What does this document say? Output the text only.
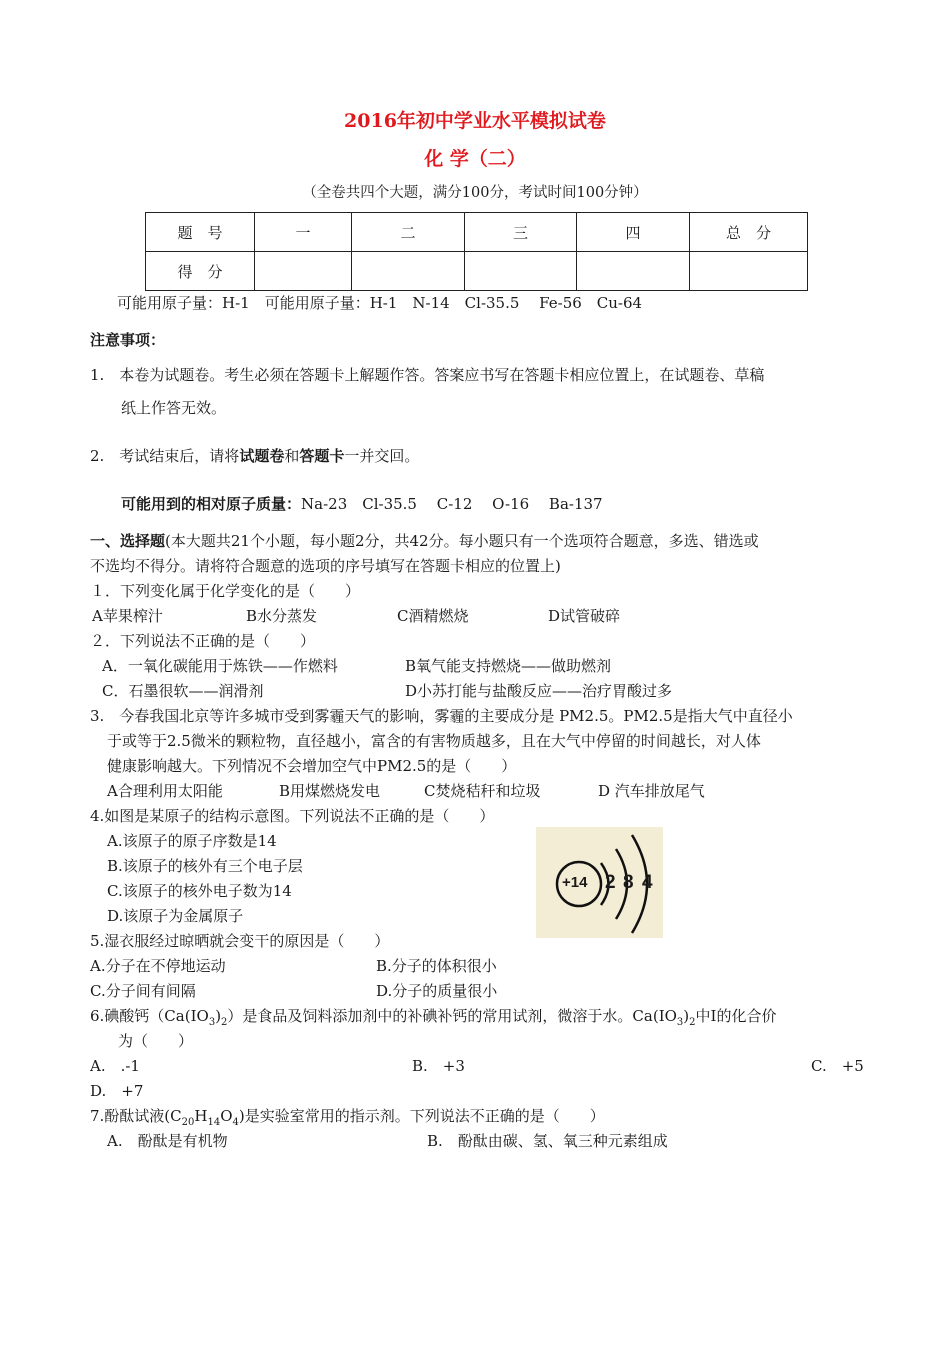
2016年初中学业水平模拟试卷
化 学（二）
（全卷共四个大题，满分100分，考试时间100分钟）
题　号	一	二	三	四	总　分
得　分					
可能用原子量：H-1　可能用原子量：H-1　N-14　Cl-35.5　 Fe-56　Cu-64
注意事项：
1.　本卷为试题卷。考生必须在答题卡上解题作答。答案应书写在答题卡相应位置上，在试题卷、草稿
纸上作答无效。
2.　考试结束后，请将试题卷和答题卡一并交回。
可能用到的相对原子质量：Na-23　Cl-35.5　 C-12　 O-16　 Ba-137
一、选择题(本大题共21个小题，每小题2分，共42分。每小题只有一个选项符合题意，多选、错选或
不选均不得分。请将符合题意的选项的序号填写在答题卡相应的位置上)
１．下列变化属于化学变化的是（　　）
A苹果榨汁	B水分蒸发	C酒精燃烧	D试管破碎
２．下列说法不正确的是（　　）
A．一氧化碳能用于炼铁——作燃料	B氧气能支持燃烧——做助燃剂
C．石墨很软——润滑剂	D小苏打能与盐酸反应——治疗胃酸过多
3.　今春我国北京等许多城市受到雾霾天气的影响，雾霾的主要成分是 PM2.5。PM2.5是指大气中直径小
于或等于2.5微米的颗粒物，直径越小，富含的有害物质越多，且在大气中停留的时间越长，对人体
健康影响越大。下列情况不会增加空气中PM2.5的是（　　）
A合理利用太阳能	B用煤燃烧发电	C焚烧秸秆和垃圾	D 汽车排放尾气
4.如图是某原子的结构示意图。下列说法不正确的是（　　）
A.该原子的原子序数是14
B.该原子的核外有三个电子层
C.该原子的核外电子数为14
D.该原子为金属原子
+14 2 8 4
5.湿衣服经过晾晒就会变干的原因是（　　）
A.分子在不停地运动	B.分子的体积很小
C.分子间有间隔	D.分子的质量很小
6.碘酸钙$(Ca(IO_3)_2)$是食品及饲料添加剂中的补碘补钙的常用试剂，微溶于水。$Ca(IO_3)_2$中I的化合价
为（　　）
A.　.-1	B.　+3	C.　+5
D.　+7
7.酚酞试液$(C_{20}H_{14}O_4)$是实验室常用的指示剂。下列说法不正确的是（　　）
A.　酚酞是有机物	B.　酚酞由碳、氢、氧三种元素组成
